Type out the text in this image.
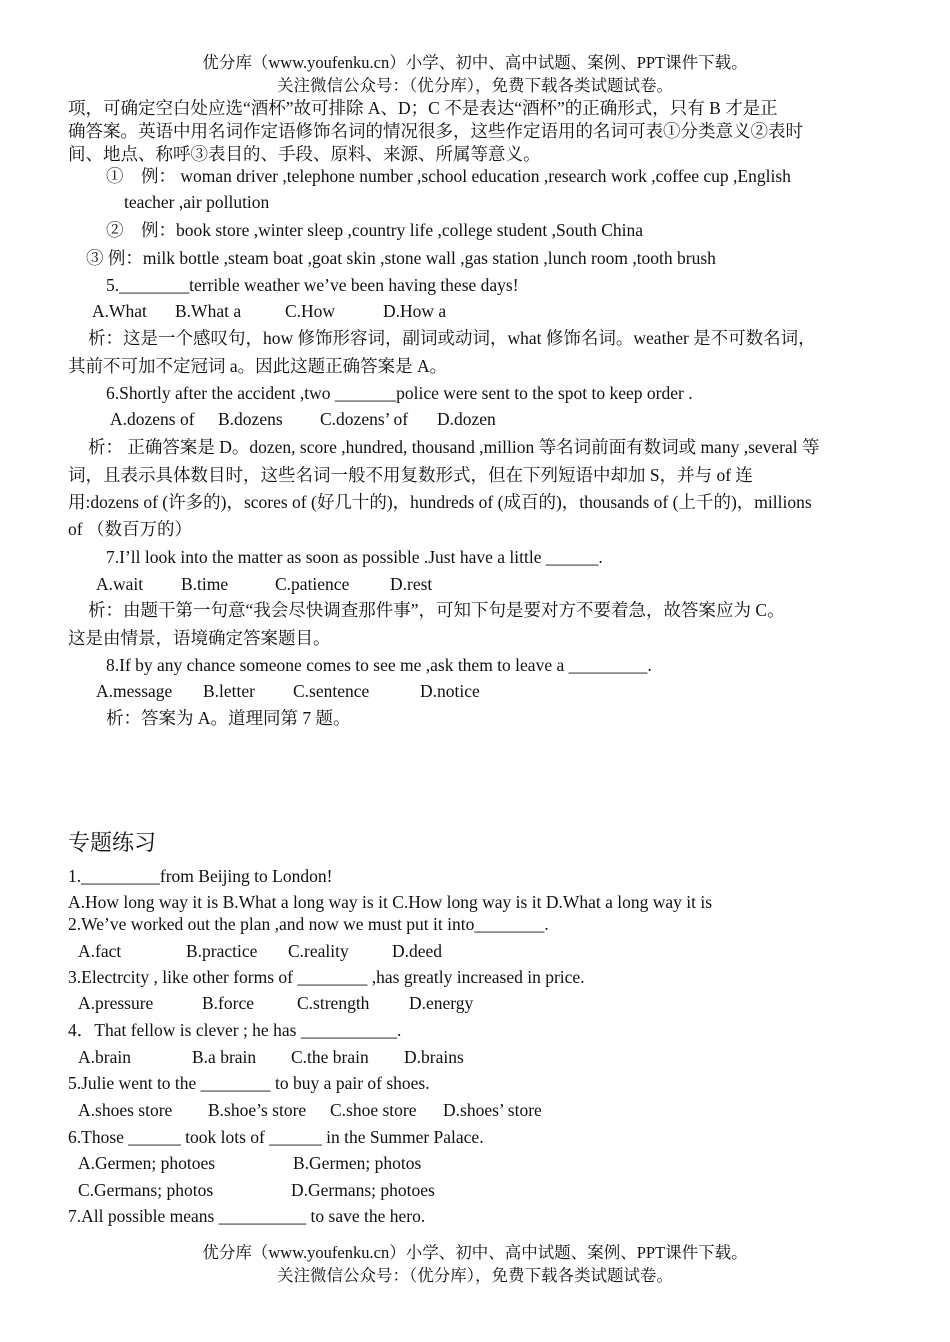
优分库（www.youfenku.cn）小学、初中、高中试题、案例、PPT课件下载。
关注微信公众号：（优分库），免费下载各类试题试卷。
项，可确定空白处应选“酒杯”故可排除 A、D；C 不是表达“酒杯”的正确形式，只有 B 才是正
确答案。英语中用名词作定语修饰名词的情况很多，这些作定语用的名词可表①分类意义②表时
间、地点、称呼③表目的、手段、原料、来源、所属等意义。
①　例： woman driver ,telephone number ,school education ,research work ,coffee cup ,English
teacher ,air pollution
②　例：book store ,winter sleep ,country life ,college student ,South China
③ 例：milk bottle ,steam boat ,goat skin ,stone wall ,gas station ,lunch room ,tooth brush
5.________terrible weather we’ve been having these days!
A.What	B.What a	C.How	D.How a
析：这是一个感叹句，how 修饰形容词，副词或动词，what 修饰名词。weather 是不可数名词，
其前不可加不定冠词 a。因此这题正确答案是 A。
6.Shortly after the accident ,two _______police were sent to the spot to keep order .
A.dozens of	B.dozens	C.dozens’ of	D.dozen
析： 正确答案是 D。dozen, score ,hundred, thousand ,million 等名词前面有数词或 many ,several 等
词，且表示具体数目时，这些名词一般不用复数形式，但在下列短语中却加 S，并与 of 连
用:dozens of (许多的)，scores of (好几十的)，hundreds of (成百的)，thousands of (上千的)，millions
of （数百万的）
7.I’ll look into the matter as soon as possible .Just have a little ______.
A.wait	B.time	C.patience	D.rest
析：由题干第一句意“我会尽快调查那件事”，可知下句是要对方不要着急，故答案应为 C。
这是由情景，语境确定答案题目。
8.If by any chance someone comes to see me ,ask them to leave a _________.
A.message	B.letter	C.sentence	D.notice
析：答案为 A。道理同第 7 题。
专题练习
1._________from Beijing to London!
A.How long way it is B.What a long way is it C.How long way is it D.What a long way it is
2.We’ve worked out the plan ,and now we must put it into________.
A.fact	B.practice	C.reality	D.deed
3.Electrcity , like other forms of ________ ,has greatly increased in price.
A.pressure	B.force	C.strength	D.energy
4．That fellow is clever ; he has ___________.
A.brain	B.a brain	C.the brain	D.brains
5.Julie went to the ________ to buy a pair of shoes.
A.shoes store	B.shoe’s store	C.shoe store	D.shoes’ store
6.Those ______ took lots of ______ in the Summer Palace.
A.Germen; photoes	B.Germen; photos
C.Germans; photos	D.Germans; photoes
7.All possible means __________ to save the hero.
优分库（www.youfenku.cn）小学、初中、高中试题、案例、PPT课件下载。
关注微信公众号：（优分库），免费下载各类试题试卷。
